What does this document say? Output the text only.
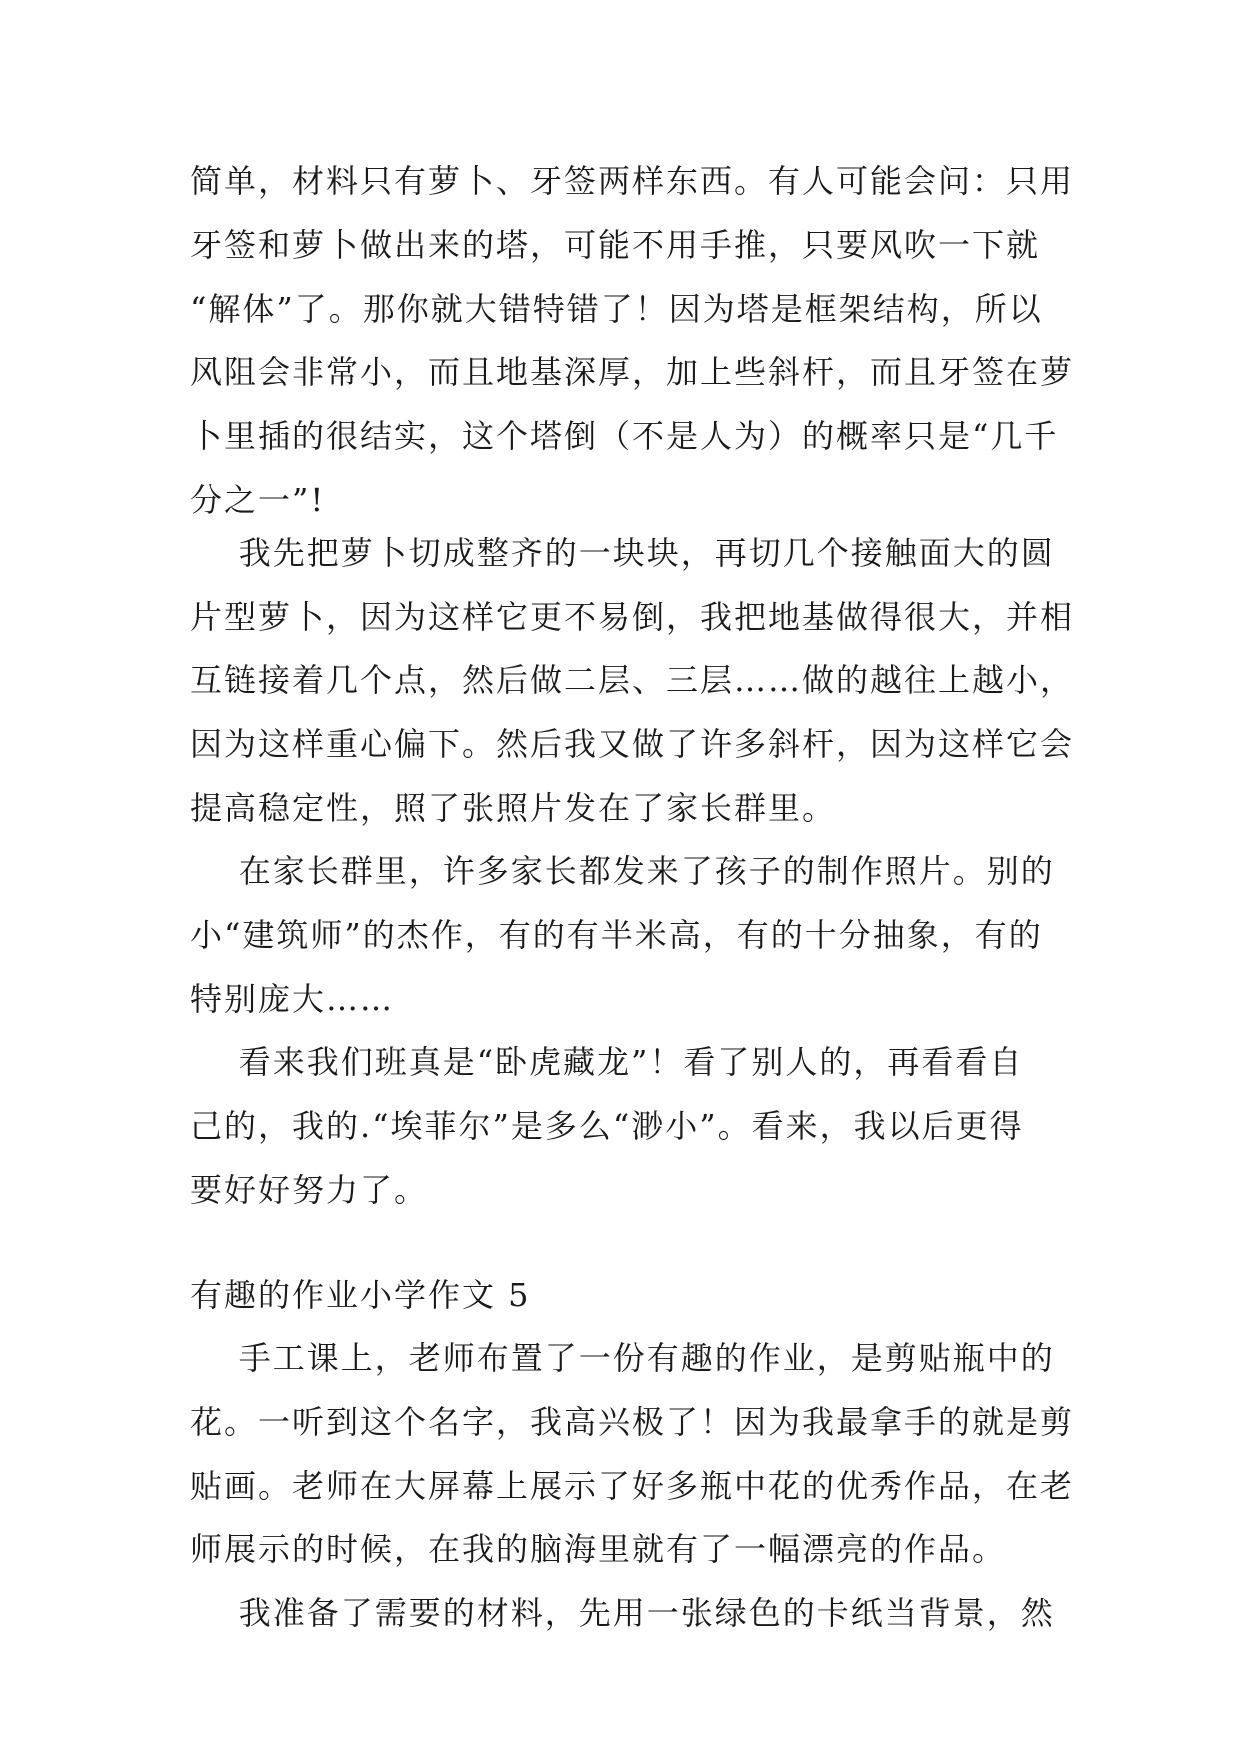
简单，材料只有萝卜、牙签两样东西。有人可能会问：只用
牙签和萝卜做出来的塔，可能不用手推，只要风吹一下就
“解体”了。那你就大错特错了！因为塔是框架结构，所以
风阻会非常小，而且地基深厚，加上些斜杆，而且牙签在萝
卜里插的很结实，这个塔倒（不是人为）的概率只是“几千
分之一”!
我先把萝卜切成整齐的一块块，再切几个接触面大的圆
片型萝卜，因为这样它更不易倒，我把地基做得很大，并相
互链接着几个点，然后做二层、三层……做的越往上越小，
因为这样重心偏下。然后我又做了许多斜杆，因为这样它会
提高稳定性，照了张照片发在了家长群里。
在家长群里，许多家长都发来了孩子的制作照片。别的
小“建筑师”的杰作，有的有半米高，有的十分抽象，有的
特别庞大……
看来我们班真是“卧虎藏龙”！看了别人的，再看看自
己的，我的.“埃菲尔”是多么“渺小”。看来，我以后更得
要好好努力了。
有趣的作业小学作文 5
手工课上，老师布置了一份有趣的作业，是剪贴瓶中的
花。一听到这个名字，我高兴极了！因为我最拿手的就是剪
贴画。老师在大屏幕上展示了好多瓶中花的优秀作品，在老
师展示的时候，在我的脑海里就有了一幅漂亮的作品。
我准备了需要的材料，先用一张绿色的卡纸当背景，然
